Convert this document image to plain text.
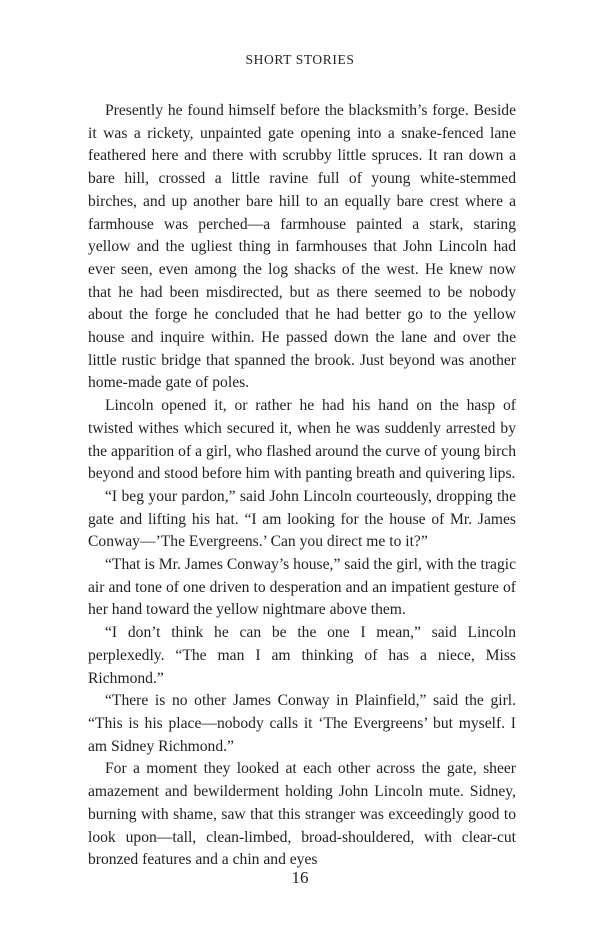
SHORT STORIES

Presently he found himself before the blacksmith’s forge. Beside it was a rickety, unpainted gate opening into a snake-fenced lane feathered here and there with scrubby little spruces. It ran down a bare hill, crossed a little ravine full of young white-stemmed birches, and up another bare hill to an equally bare crest where a farmhouse was perched—a farmhouse painted a stark, staring yellow and the ugliest thing in farmhouses that John Lincoln had ever seen, even among the log shacks of the west. He knew now that he had been misdirected, but as there seemed to be nobody about the forge he concluded that he had better go to the yellow house and inquire within. He passed down the lane and over the little rustic bridge that spanned the brook. Just beyond was another home-made gate of poles.

Lincoln opened it, or rather he had his hand on the hasp of twisted withes which secured it, when he was suddenly arrested by the apparition of a girl, who flashed around the curve of young birch beyond and stood before him with panting breath and quivering lips.

“I beg your pardon,” said John Lincoln courteously, dropping the gate and lifting his hat. “I am looking for the house of Mr. James Conway—’The Evergreens.’ Can you direct me to it?”

“That is Mr. James Conway’s house,” said the girl, with the tragic air and tone of one driven to desperation and an impatient gesture of her hand toward the yellow nightmare above them.

“I don’t think he can be the one I mean,” said Lincoln perplexedly. “The man I am thinking of has a niece, Miss Richmond.”

“There is no other James Conway in Plainfield,” said the girl. “This is his place—nobody calls it ‘The Evergreens’ but myself. I am Sidney Richmond.”

For a moment they looked at each other across the gate, sheer amazement and bewilderment holding John Lincoln mute. Sidney, burning with shame, saw that this stranger was exceedingly good to look upon—tall, clean-limbed, broad-shouldered, with clear-cut bronzed features and a chin and eyes

16
